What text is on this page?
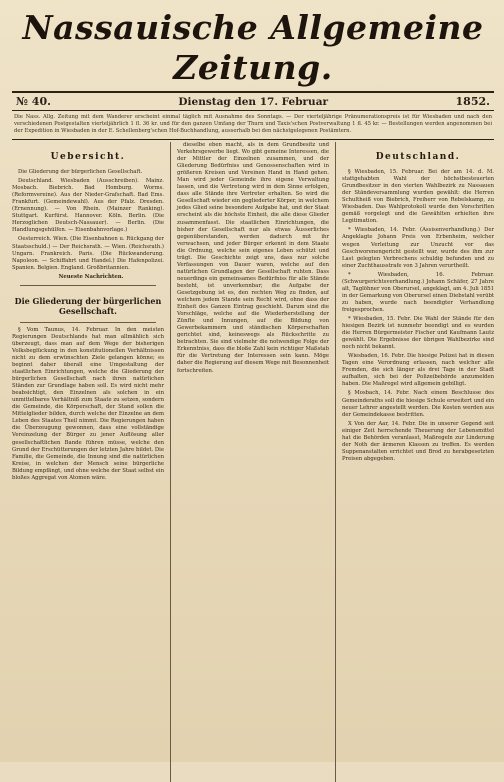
Nassauische Allgemeine Zeitung.
№ 40.	Dienstag den 17. Februar	1852.
Die Nass. Allg. Zeitung mit dem Wanderer erscheint einmal täglich mit Ausnahme des Sonntags. — Der vierteljährige Pränumerationspreis ist für Wiesbaden und nach den verschiedenen Postgestalten vierteljährlich 1 fl. 36 kr. und für den ganzen Umfang der Thurn und Taxis'schen Postverwaltung 1 fl. 45 kr. — Bestellungen werden angenommen bei der Expedition in Wiesbaden in der E. Schellenberg'schen Hof-Buchhandlung, ausserhalb bei den nächstgelegenen Postämtern.
Uebersicht.

Die Gliederung der bürgerlichen Gesellschaft.

Deutschland. Wiesbaden (Ausschreiben). Mainz. Mosbach. Biebrich. Bad Homburg. Worms. (Reformvereine). Aus der Nieder-Grafschaft. Bad Ems. Frankfurt. (Gemeindewahl). Aus der Pfalz. Dresden. (Ernennung). — Von Rhein. (Mainzer Ranking). Stuttgart. Kurfürst. Hannover. Köln. Berlin. (Die Herzoglichen Deutsch-Nassauer). — Berlin. (Die Handlungsgehülfen. — Eisenbahnvorlage.)

Oesterreich. Wien. (Die Eisenbahnen u. Rückgang der Staatsschuld.) — Der Reichsrath. — Wien. (Reichsrath.) Ungarn. Frankreich. Paris. (Die Rückwanderung. Napoleon. — Schiffahrt und Handel.) Die Hafenpolizei. Spanien. Belgien. England. Großbritannien.

Neueste Nachrichten.

Die Gliederung der bürgerlichen Gesellschaft.

§ Vom Taunus, 14. Februar. In den meisten Regierungen Deutschlands hat man allmählich sich überzeugt, dass man auf dem Wege der bisherigen Volksbeglückung in den konstitutionellen Verhältnissen nicht zu dem erwünschten Ziele gelangen könne; es beginnt daher überall eine Umgestaltung der staatlichen Einrichtungen, welche die Gliederung der bürgerlichen Gesellschaft nach ihren natürlichen Ständen zur Grundlage haben soll. Es wird nicht mehr beabsichtigt, den Einzelnen als solchen in ein unmittelbares Verhältniß zum Staate zu setzen, sondern die Gemeinde, die Körperschaft, der Stand sollen die Mittelglieder bilden, durch welche der Einzelne an dem Leben des Staates Theil nimmt. Die Regierungen haben die Überzeugung gewonnen, dass eine vollständige Vereinzelung der Bürger zu jener Auflösung aller gesellschaftlichen Bande führen müsse, welche den Grund der Erschütterungen der letzten Jahre bildet. Die Familie, die Gemeinde, die Innung sind die natürlichen Kreise, in welchen der Mensch seine bürgerliche Bildung empfängt, und ohne welche der Staat selbst ein bloßes Aggregat von Atomen wäre.

dieselbe eben macht, als in dem Grundbesitz und Verkehrsgewerbe liegt. Wo gibt gemeine Interessen, die der Mittler der Einzelnen zusammen, und der Gliederung Bedürfniss und Genossenschaften wird in größeren Kreisen und Vereinen Hand in Hand gehen. Man wird jeder Gemeinde ihre eigene Verwaltung lassen, und die Vertretung wird in dem Sinne erfolgen, dass alle Stände ihre Vertreter erhalten. So wird die Gesellschaft wieder ein gegliederter Körper, in welchem jedes Glied seine besondere Aufgabe hat, und der Staat erscheint als die höchste Einheit, die alle diese Glieder zusammenfasst. Die staatlichen Einrichtungen, die bisher der Gesellschaft nur als etwas Äusserliches gegenüberstanden, werden dadurch mit ihr verwachsen, und jeder Bürger erkennt in dem Staate die Ordnung, welche sein eigenes Leben schützt und trägt. Die Geschichte zeigt uns, dass nur solche Verfassungen von Dauer waren, welche auf den natürlichen Grundlagen der Gesellschaft ruhten. Dass neuerdings ein gemeinsames Bedürfniss für alle Stände besteht, ist unverkennbar; die Aufgabe der Gesetzgebung ist es, den rechten Weg zu finden, auf welchem jedem Stande sein Recht wird, ohne dass der Einheit des Ganzen Eintrag geschieht. Darum sind die Vorschläge, welche auf die Wiederherstellung der Zünfte und Innungen, auf die Bildung von Gewerbekammern und ständischen Körperschaften gerichtet sind, keineswegs als Rückschritte zu betrachten. Sie sind vielmehr die notwendige Folge der Erkenntniss, dass die bloße Zahl kein richtiger Maßstab für die Vertretung der Interessen sein kann. Möge daher die Regierung auf diesem Wege mit Besonnenheit fortschreiten.

Deutschland.

§ Wiesbaden, 15. Februar. Bei der am 14. d. M. stattgehabten Wahl der höchstbesteuerten Grundbesitzer in den vierten Wahlbezirk zu Nassauen der Ständeversammlung wurden gewählt: die Herren Schultheiß von Biebrich, Freiherr von Rebelskamp, zu Wiesbaden. Das Wahlprotokoll wurde den Vorschriften gemäß vorgelegt und die Gewählten erhielten ihre Legitimation.

* Wiesbaden, 14. Febr. (Assisenverhandlung.) Der Angeklagte Johann Preis von Erbenheim, welcher wegen Verleitung zur Unzucht vor das Geschworenengericht gestellt war, wurde des ihm zur Last gelegten Verbrechens schuldig befunden und zu einer Zuchthausstrafe von 3 Jahren verurtheilt.

* Wiesbaden, 16. Februar. (Schwurgerichtsverhandlung.) Johann Schäfer, 27 Jahre alt, Taglöhner von Oberursel, angeklagt, am 4. Juli 1851 in der Gemarkung von Oberursel einen Diebstahl verübt zu haben, wurde nach beendigter Verhandlung freigesprochen.

* Wiesbaden, 15. Febr. Die Wahl der Stände für den hiesigen Bezirk ist nunmehr beendigt und es wurden die Herren Bürgermeister Fischer und Kaufmann Lautz gewählt. Die Ergebnisse der übrigen Wahlbezirke sind noch nicht bekannt.

Wiesbaden, 16. Febr. Die hiesige Polizei hat in diesen Tagen eine Verordnung erlassen, nach welcher alle Fremden, die sich länger als drei Tage in der Stadt aufhalten, sich bei der Polizeibehörde anzumelden haben. Die Maßregel wird allgemein gebilligt.

§ Mosbach, 14. Febr. Nach einem Beschlusse des Gemeinderaths soll die hiesige Schule erweitert und ein neuer Lehrer angestellt werden. Die Kosten werden aus der Gemeindekasse bestritten.

X Von der Aar, 14. Febr. Die in unserer Gegend seit einiger Zeit herrschende Theuerung der Lebensmittel hat die Behörden veranlasst, Maßregeln zur Linderung der Noth der ärmeren Klassen zu treffen. Es werden Suppenanstalten errichtet und Brod zu herabgesetzten Preisen abgegeben.
